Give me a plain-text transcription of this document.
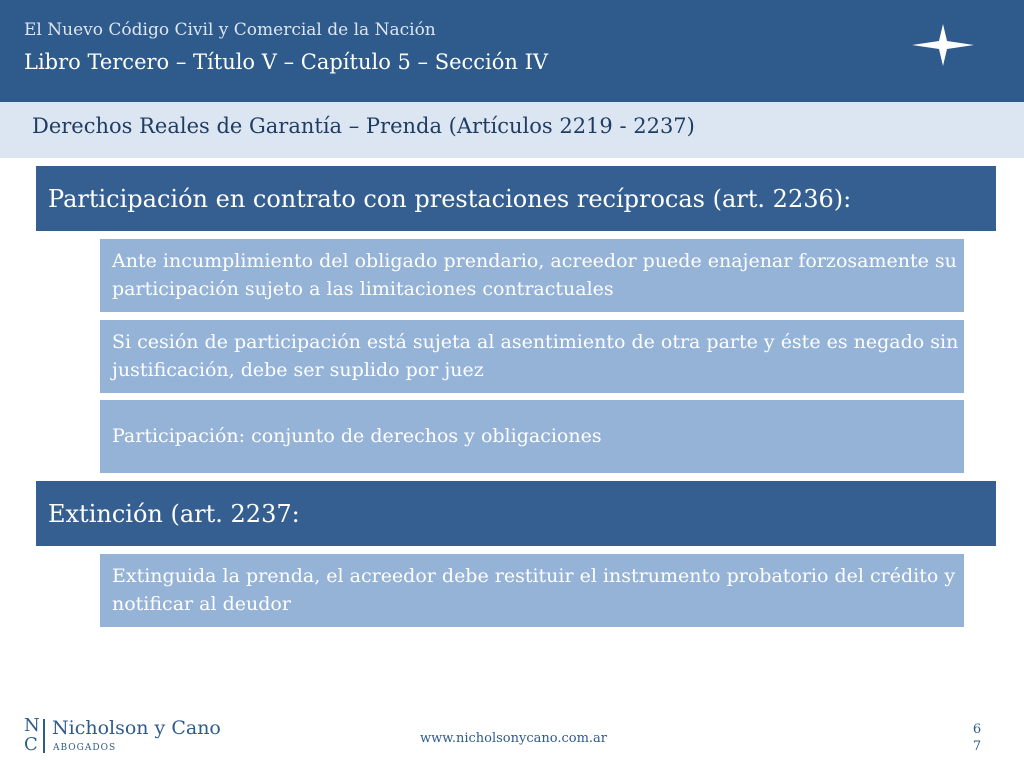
El Nuevo Código Civil y Comercial de la Nación
Libro Tercero – Título V – Capítulo 5 – Sección IV
Derechos Reales de Garantía – Prenda (Artículos 2219 - 2237)
Participación en contrato con prestaciones recíprocas (art. 2236):
Ante incumplimiento del obligado prendario, acreedor puede enajenar forzosamente su participación sujeto a las limitaciones contractuales
Si cesión de participación está sujeta al asentimiento de otra parte y éste es negado sin justificación, debe ser suplido por juez
Participación: conjunto de derechos y obligaciones
Extinción (art. 2237:
Extinguida la prenda, el acreedor debe restituir el instrumento probatorio del crédito y notificar al deudor
N
C
Nicholson y Cano
ABOGADOS
www.nicholsonycano.com.ar
6
7
